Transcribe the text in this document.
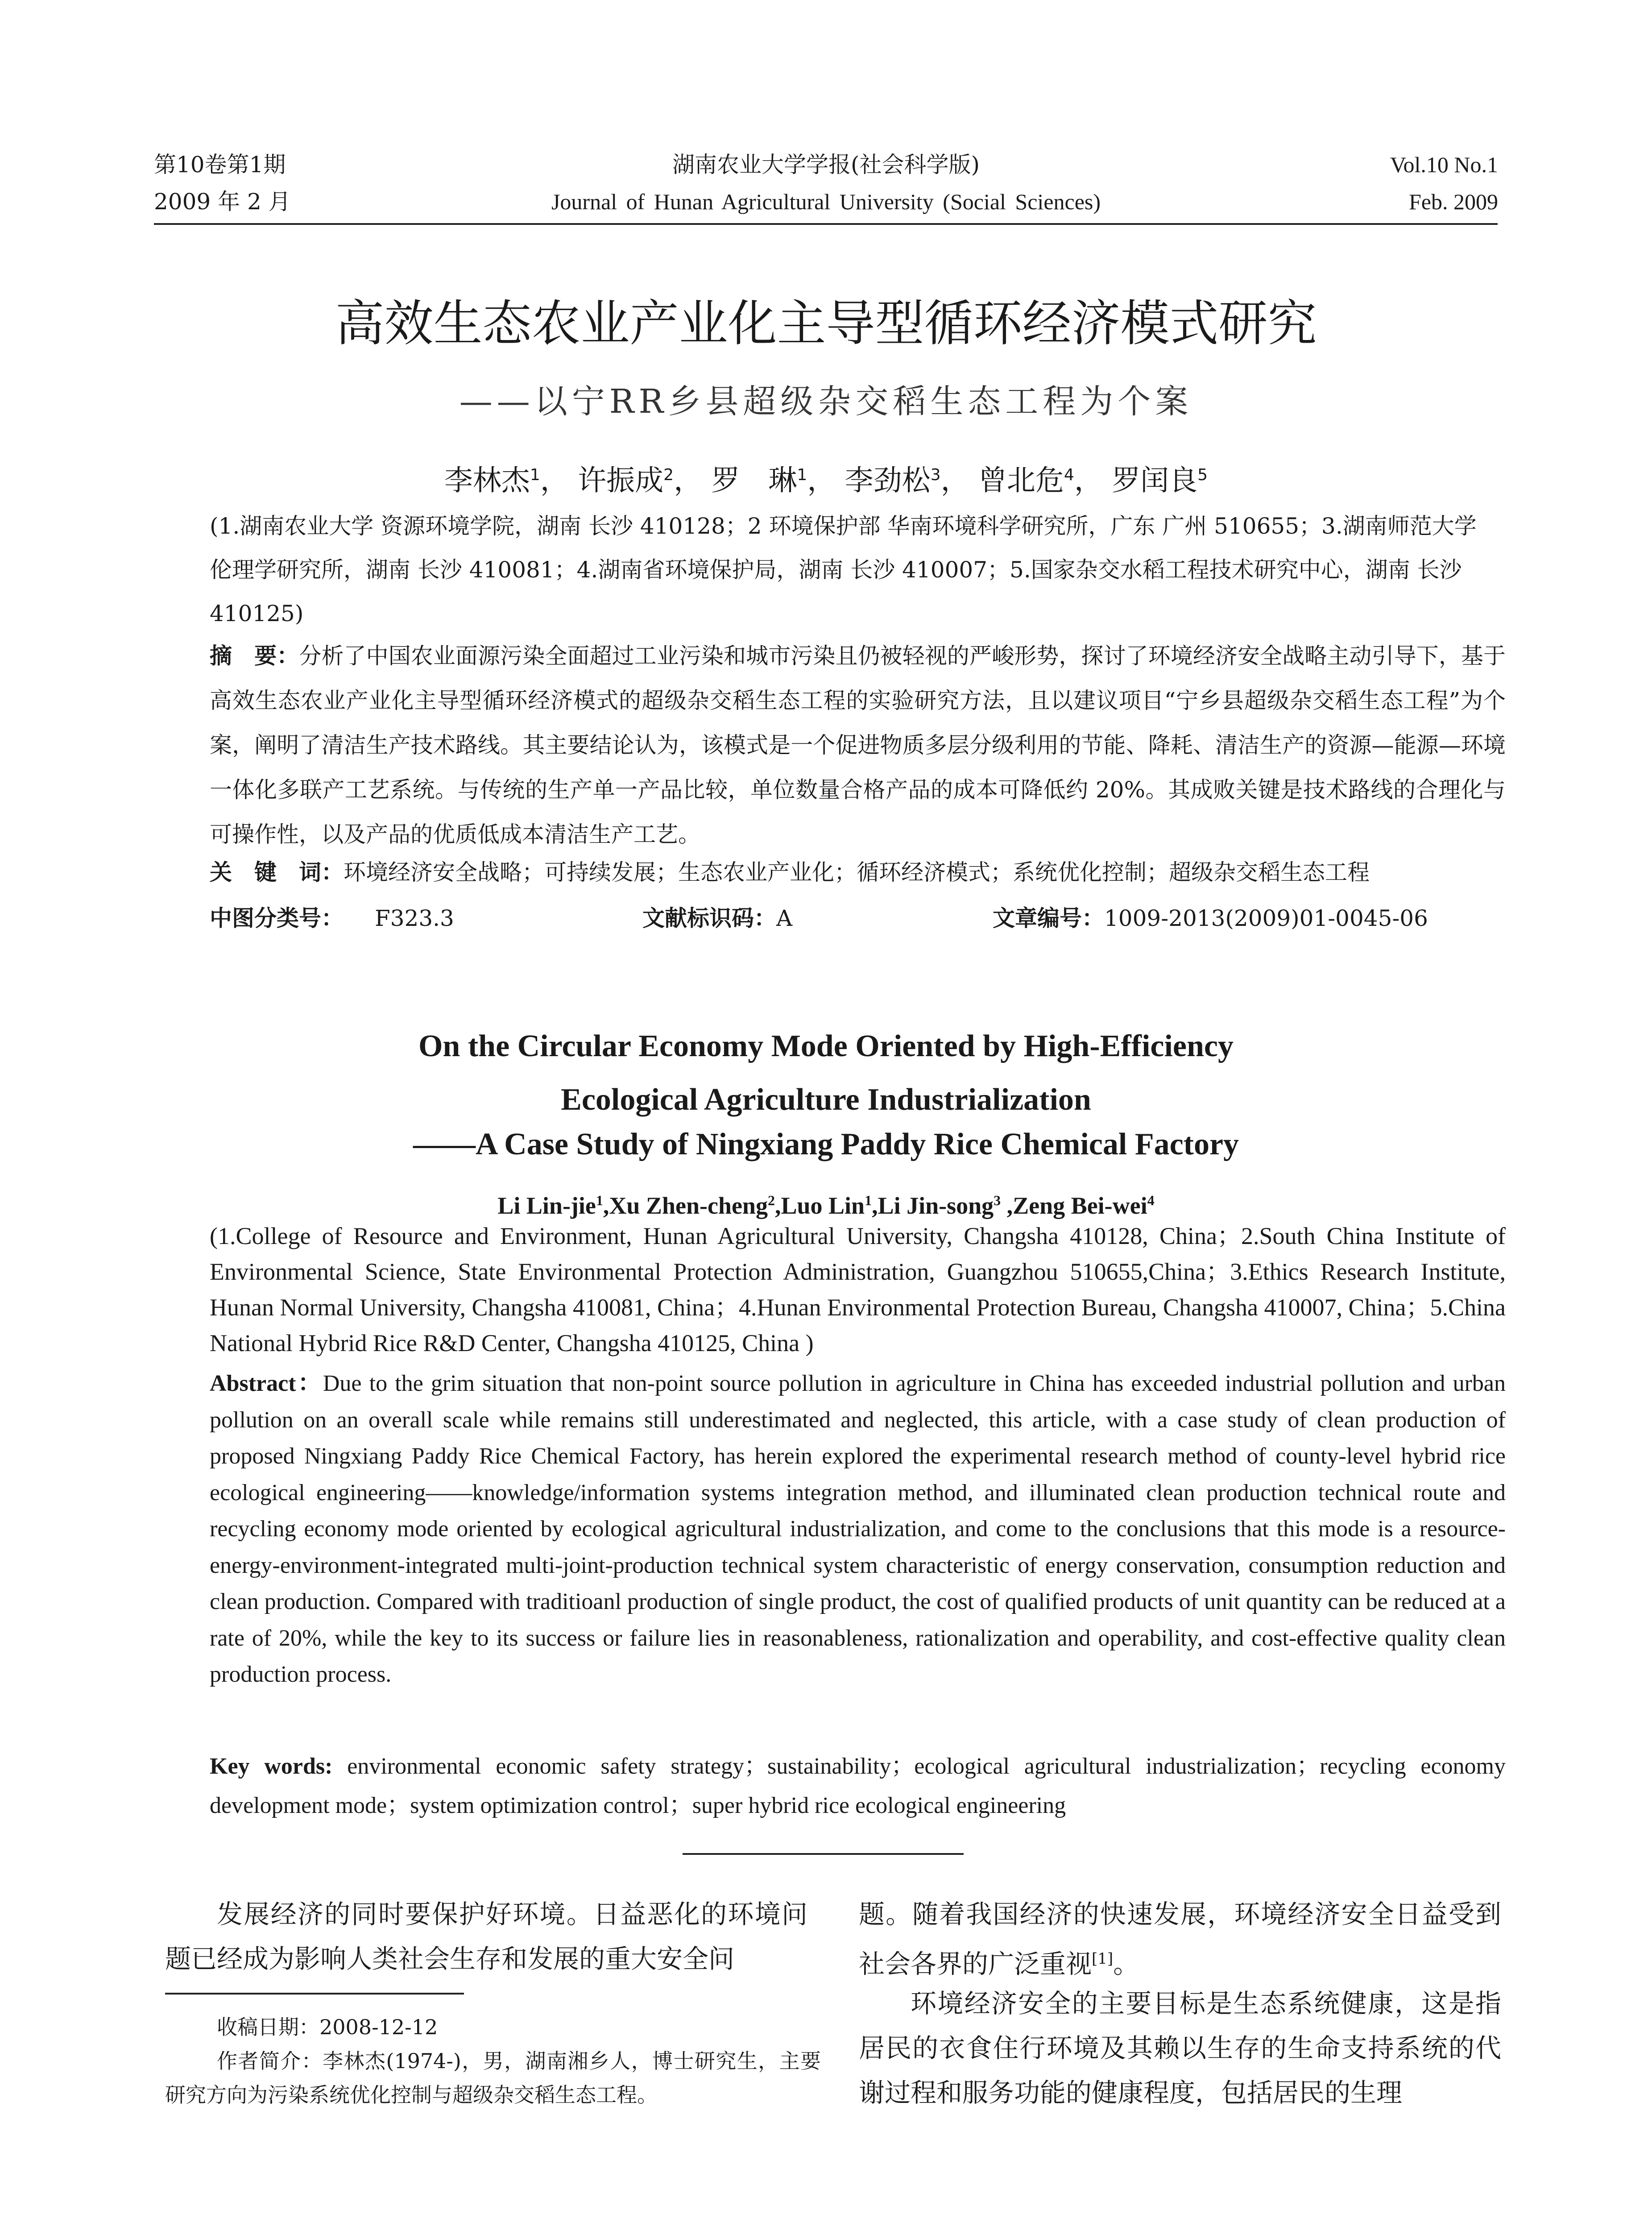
第10卷第1期
2009 年 2 月
湖南农业大学学报(社会科学版)
Journal of Hunan Agricultural University (Social Sciences)
Vol.10 No.1
Feb. 2009
高效生态农业产业化主导型循环经济模式研究
——以宁RR乡县超级杂交稻生态工程为个案
李林杰$^1$， 许振成$^2$， 罗　琳$^1$， 李劲松$^3$， 曾北危$^4$， 罗闰良$^5$
(1.湖南农业大学 资源环境学院，湖南 长沙 410128；2 环境保护部 华南环境科学研究所，广东 广州 510655；3.湖南师范大学 伦理学研究所，湖南 长沙 410081；4.湖南省环境保护局，湖南 长沙 410007；5.国家杂交水稻工程技术研究中心，湖南 长沙 410125)
摘　要：分析了中国农业面源污染全面超过工业污染和城市污染且仍被轻视的严峻形势，探讨了环境经济安全战略主动引导下，基于高效生态农业产业化主导型循环经济模式的超级杂交稻生态工程的实验研究方法，且以建议项目“宁乡县超级杂交稻生态工程”为个案，阐明了清洁生产技术路线。其主要结论认为，该模式是一个促进物质多层分级利用的节能、降耗、清洁生产的资源—能源—环境一体化多联产工艺系统。与传统的生产单一产品比较，单位数量合格产品的成本可降低约 20%。其成败关键是技术路线的合理化与可操作性，以及产品的优质低成本清洁生产工艺。
关　键　词：环境经济安全战略；可持续发展；生态农业产业化；循环经济模式；系统优化控制；超级杂交稻生态工程
中图分类号： F323.3	文献标识码：A	文章编号：1009-2013(2009)01-0045-06
On the Circular Economy Mode Oriented by High-Efficiency
Ecological Agriculture Industrialization
——A Case Study of Ningxiang Paddy Rice Chemical Factory
Li Lin-jie$^1$,Xu Zhen-cheng$^2$,Luo Lin$^1$,Li Jin-song$^3$ ,Zeng Bei-wei$^4$
(1.College of Resource and Environment, Hunan Agricultural University, Changsha 410128, China；2.South China Institute of Environmental Science, State Environmental Protection Administration, Guangzhou 510655,China；3.Ethics Research Institute, Hunan Normal University, Changsha 410081, China；4.Hunan Environmental Protection Bureau, Changsha 410007, China；5.China National Hybrid Rice R&D Center, Changsha 410125, China )
Abstract：Due to the grim situation that non-point source pollution in agriculture in China has exceeded industrial pollution and urban pollution on an overall scale while remains still underestimated and neglected, this article, with a case study of clean production of proposed Ningxiang Paddy Rice Chemical Factory, has herein explored the experimental research method of county-level hybrid rice ecological engineering——knowledge/information systems integration method, and illuminated clean production technical route and recycling economy mode oriented by ecological agricultural industrialization, and come to the conclusions that this mode is a resource-energy-environment-integrated multi-joint-production technical system characteristic of energy conservation, consumption reduction and clean production. Compared with traditioanl production of single product, the cost of qualified products of unit quantity can be reduced at a rate of 20%, while the key to its success or failure lies in reasonableness, rationalization and operability, and cost-effective quality clean production process.
Key words: environmental economic safety strategy；sustainability；ecological agricultural industrialization；recycling economy development mode；system optimization control；super hybrid rice ecological engineering
发展经济的同时要保护好环境。日益恶化的环境问题已经成为影响人类社会生存和发展的重大安全问
收稿日期：2008-12-12
作者简介：李林杰(1974-)，男，湖南湘乡人，博士研究生，主要研究方向为污染系统优化控制与超级杂交稻生态工程。
题。随着我国经济的快速发展，环境经济安全日益受到社会各界的广泛重视[1]。
环境经济安全的主要目标是生态系统健康，这是指居民的衣食住行环境及其赖以生存的生命支持系统的代谢过程和服务功能的健康程度，包括居民的生理
